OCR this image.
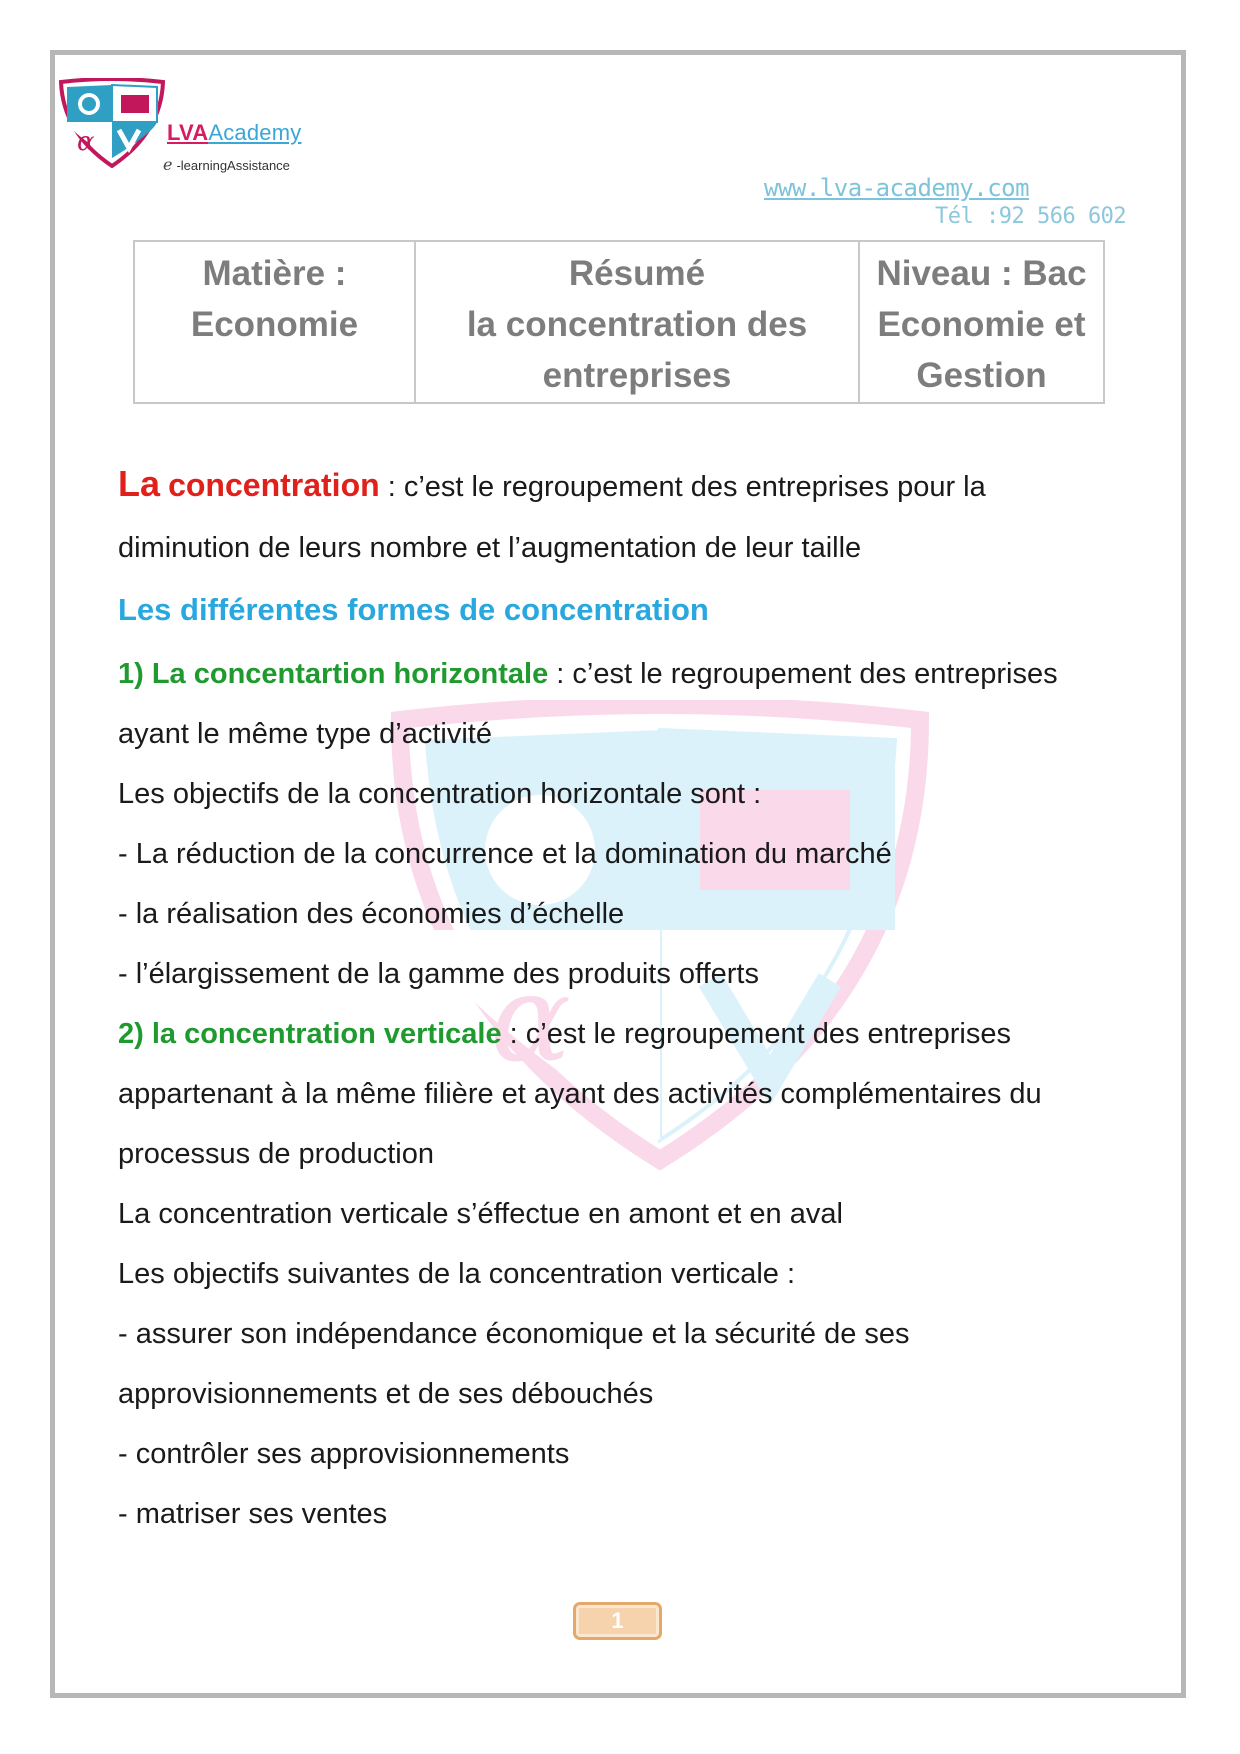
α
α	LVAAcademy
e -learningAssistance
www.lva-academy.com
Tél :92 566 602
Matière :
Economie

Résumé
la concentration des
entreprises

Niveau : Bac
Economie et
Gestion
La concentration : c’est le regroupement des entreprises pour la
diminution de leurs nombre et l’augmentation de leur taille
Les différentes formes de concentration
1) La concentartion horizontale : c’est le regroupement des entreprises
ayant le même type d’activité
Les objectifs de la concentration horizontale sont :
- La réduction de la concurrence et la domination du marché
- la réalisation des économies d’échelle
- l’élargissement de la gamme des produits offerts
2) la concentration verticale : c’est le regroupement des entreprises
appartenant à la même filière et ayant des activités complémentaires du
processus de production
La concentration verticale s’éffectue en amont et en aval
Les objectifs suivantes de la concentration verticale :
- assurer son indépendance économique et la sécurité de ses
approvisionnements et de ses débouchés
- contrôler ses approvisionnements
- matriser ses ventes
1
